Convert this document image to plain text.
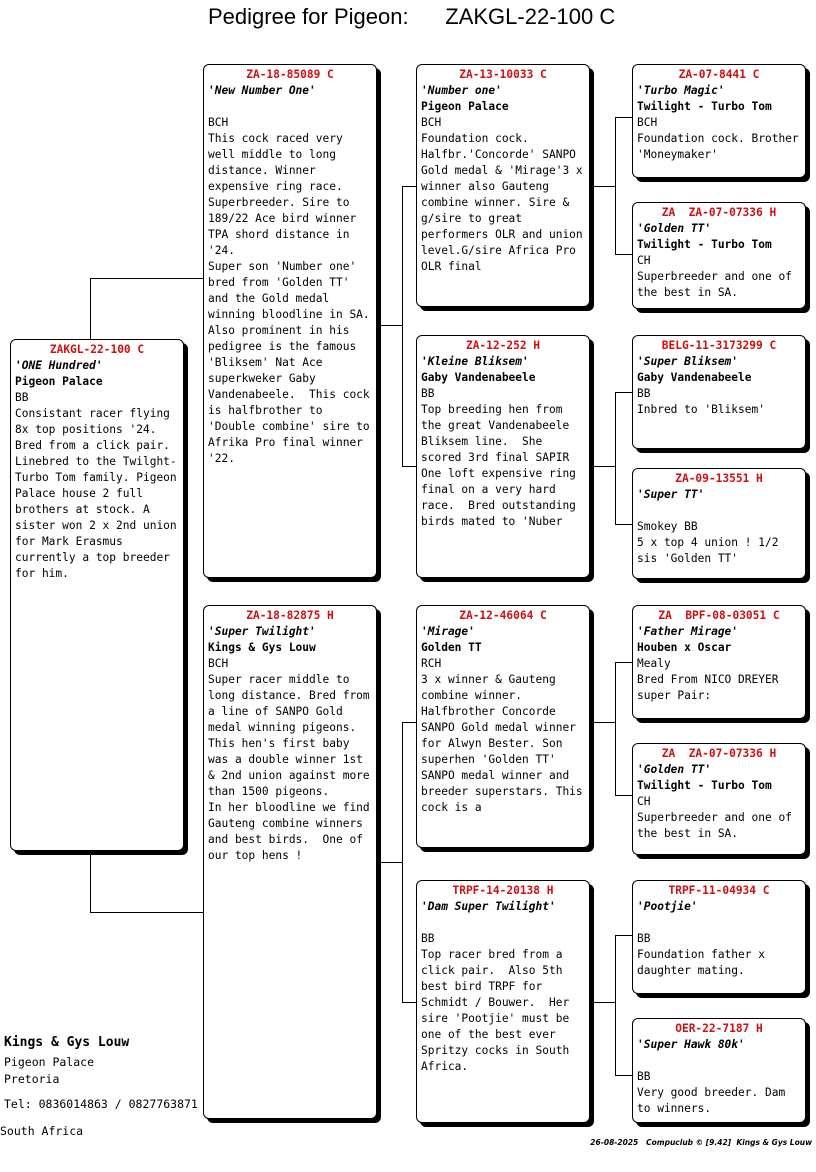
Pedigree for Pigeon: ZAKGL-22-100 C
ZAKGL-22-100 C
'ONE Hundred'
Pigeon Palace
BB
Consistant racer flying 8x top positions '24. Bred from a click pair. Linebred to the Twilght-Turbo Tom family. Pigeon Palace house 2 full brothers at stock. A sister won 2 x 2nd union for Mark Erasmus currently a top breeder for him.
ZA-18-85089 C
'New Number One'

BCH
This cock raced very well middle to long distance. Winner expensive ring race.  Superbreeder. Sire to 189/22 Ace bird winner TPA shord distance in '24.
Super son 'Number one' bred from 'Golden TT' and the Gold medal winning bloodline in SA.
Also prominent in his pedigree is the famous 'Bliksem' Nat Ace superkweker Gaby Vandenabeele.  This cock is halfbrother to 'Double combine' sire to Afrika Pro final winner '22.
ZA-18-82875 H
'Super Twilight'
Kings & Gys Louw
BCH
Super racer middle to long distance. Bred from a line of SANPO Gold medal winning pigeons.
This hen's first baby was a double winner 1st & 2nd union against more than 1500 pigeons.
In her bloodline we find Gauteng combine winners and best birds.  One of our top hens !
ZA-13-10033 C
'Number one'
Pigeon Palace
BCH
Foundation cock. Halfbr.'Concorde' SANPO Gold medal & 'Mirage'3 x winner also Gauteng combine winner. Sire & g/sire to great performers OLR and union level.G/sire Africa Pro OLR final
ZA-12-252 H
'Kleine Bliksem'
Gaby Vandenabeele
BB
Top breeding hen from the great Vandenabeele Bliksem line.  She scored 3rd final SAPIR One loft expensive ring final on a very hard race.  Bred outstanding birds mated to 'Nuber
ZA-12-46064 C
'Mirage'
Golden TT
RCH
3 x winner & Gauteng combine winner. Halfbrother Concorde SANPO Gold medal winner for Alwyn Bester. Son superhen 'Golden TT' SANPO medal winner and breeder superstars. This cock is a
TRPF-14-20138 H
'Dam Super Twilight'

BB
Top racer bred from a click pair.  Also 5th best bird TRPF for Schmidt / Bouwer.  Her sire 'Pootjie' must be one of the best ever Spritzy cocks in South Africa.
ZA-07-8441 C
'Turbo Magic'
Twilight - Turbo Tom
BCH
Foundation cock. Brother 'Moneymaker'
ZA  ZA-07-07336 H
'Golden TT'
Twilight - Turbo Tom
CH
Superbreeder and one of the best in SA.
BELG-11-3173299 C
'Super Bliksem'
Gaby Vandenabeele
BB
Inbred to 'Bliksem'
ZA-09-13551 H
'Super TT'

Smokey BB
5 x top 4 union ! 1/2 sis 'Golden TT'
ZA  BPF-08-03051 C
'Father Mirage'
Houben x Oscar
Mealy
Bred From NICO DREYER super Pair:
ZA  ZA-07-07336 H
'Golden TT'
Twilight - Turbo Tom
CH
Superbreeder and one of the best in SA.
TRPF-11-04934 C
'Pootjie'

BB
Foundation father x daughter mating.
OER-22-7187 H
'Super Hawk 80k'

BB
Very good breeder. Dam to winners.
Kings & Gys Louw
Pigeon Palace
Pretoria
Tel: 0836014863 / 0827763871
South Africa
26-08-2025 Compuclub © [9.42] Kings & Gys Louw
